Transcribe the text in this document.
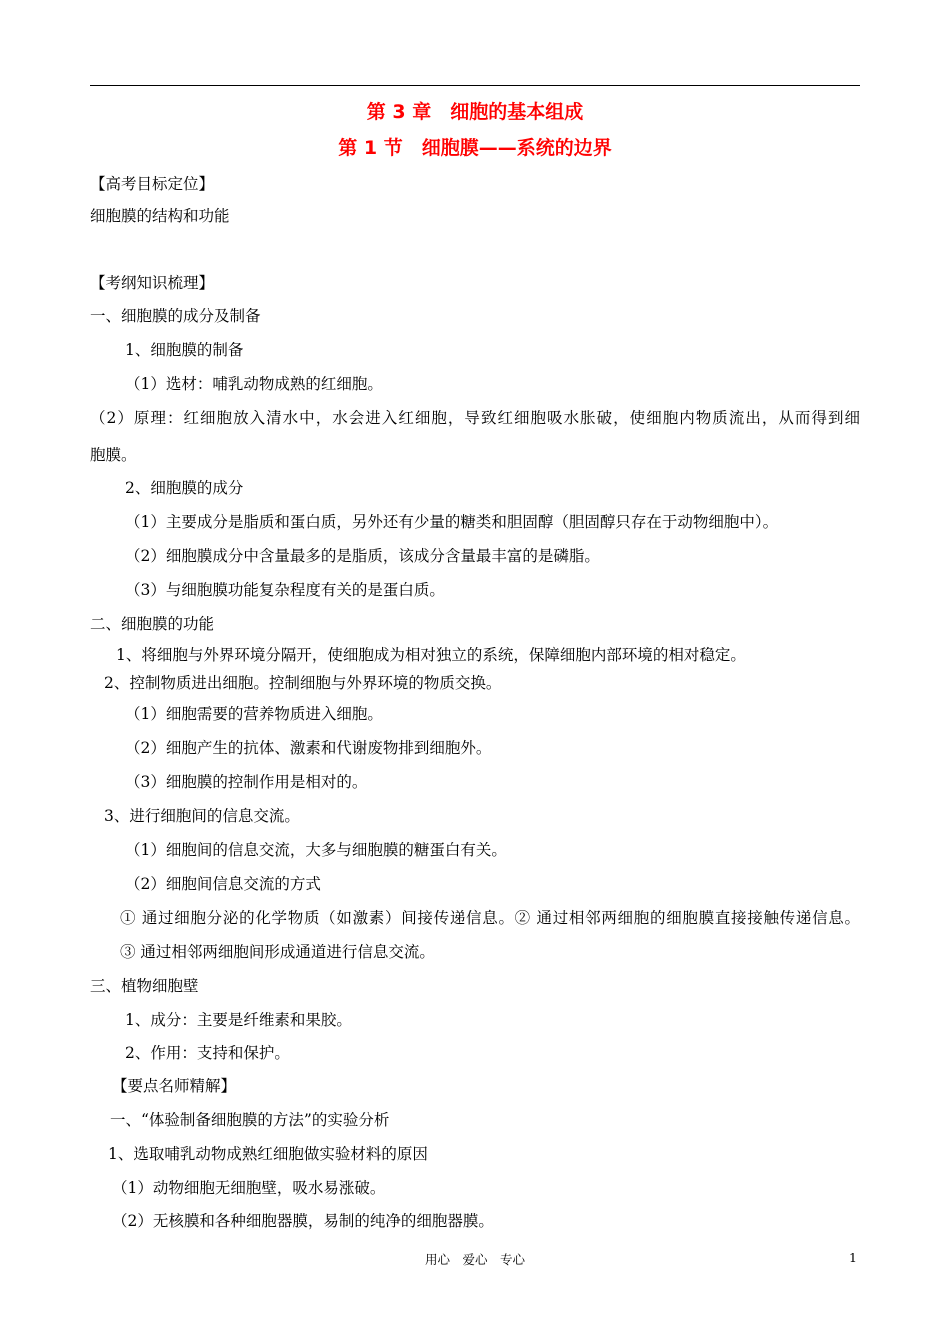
第 3 章　细胞的基本组成
第 1 节　细胞膜——系统的边界
【高考目标定位】
细胞膜的结构和功能
【考纲知识梳理】
一、细胞膜的成分及制备
1、细胞膜的制备
（1）选材：哺乳动物成熟的红细胞。
（2）原理：红细胞放入清水中，水会进入红细胞，导致红细胞吸水胀破，使细胞内物质流出，从而得到细
胞膜。
2、细胞膜的成分
（1）主要成分是脂质和蛋白质，另外还有少量的糖类和胆固醇（胆固醇只存在于动物细胞中）。
（2）细胞膜成分中含量最多的是脂质，该成分含量最丰富的是磷脂。
（3）与细胞膜功能复杂程度有关的是蛋白质。
二、细胞膜的功能
1、将细胞与外界环境分隔开，使细胞成为相对独立的系统，保障细胞内部环境的相对稳定。
2、控制物质进出细胞。控制细胞与外界环境的物质交换。
（1）细胞需要的营养物质进入细胞。
（2）细胞产生的抗体、激素和代谢废物排到细胞外。
（3）细胞膜的控制作用是相对的。
3、进行细胞间的信息交流。
（1）细胞间的信息交流，大多与细胞膜的糖蛋白有关。
（2）细胞间信息交流的方式
① 通过细胞分泌的化学物质（如激素）间接传递信息。② 通过相邻两细胞的细胞膜直接接触传递信息。
③ 通过相邻两细胞间形成通道进行信息交流。
三、植物细胞壁
1、成分：主要是纤维素和果胶。
2、作用：支持和保护。
【要点名师精解】
一、“体验制备细胞膜的方法”的实验分析
1、选取哺乳动物成熟红细胞做实验材料的原因
（1）动物细胞无细胞壁，吸水易涨破。
（2）无核膜和各种细胞器膜，易制的纯净的细胞器膜。
用心　爱心　专心	1
